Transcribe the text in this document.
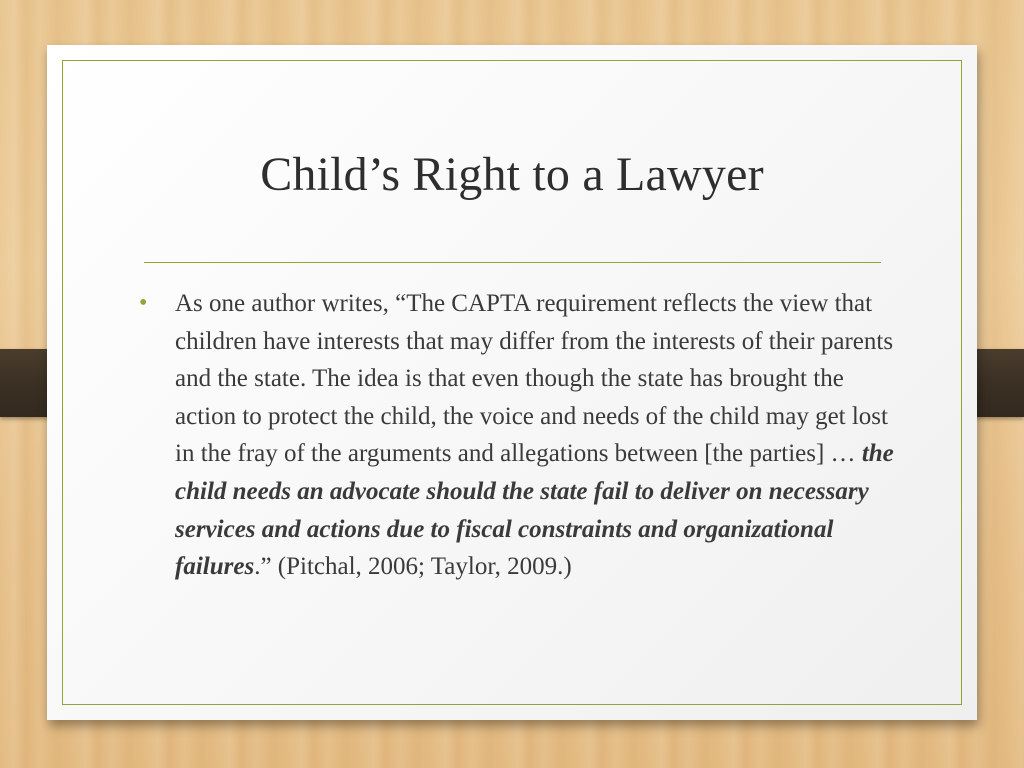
Child’s Right to a Lawyer
• As one author writes, “The CAPTA requirement reflects the view that children have interests that may differ from the interests of their parents and the state. The idea is that even though the state has brought the action to protect the child, the voice and needs of the child may get lost in the fray of the arguments and allegations between [the parties] … the child needs an advocate should the state fail to deliver on necessary services and actions due to fiscal constraints and organizational failures.” (Pitchal, 2006; Taylor, 2009.)
